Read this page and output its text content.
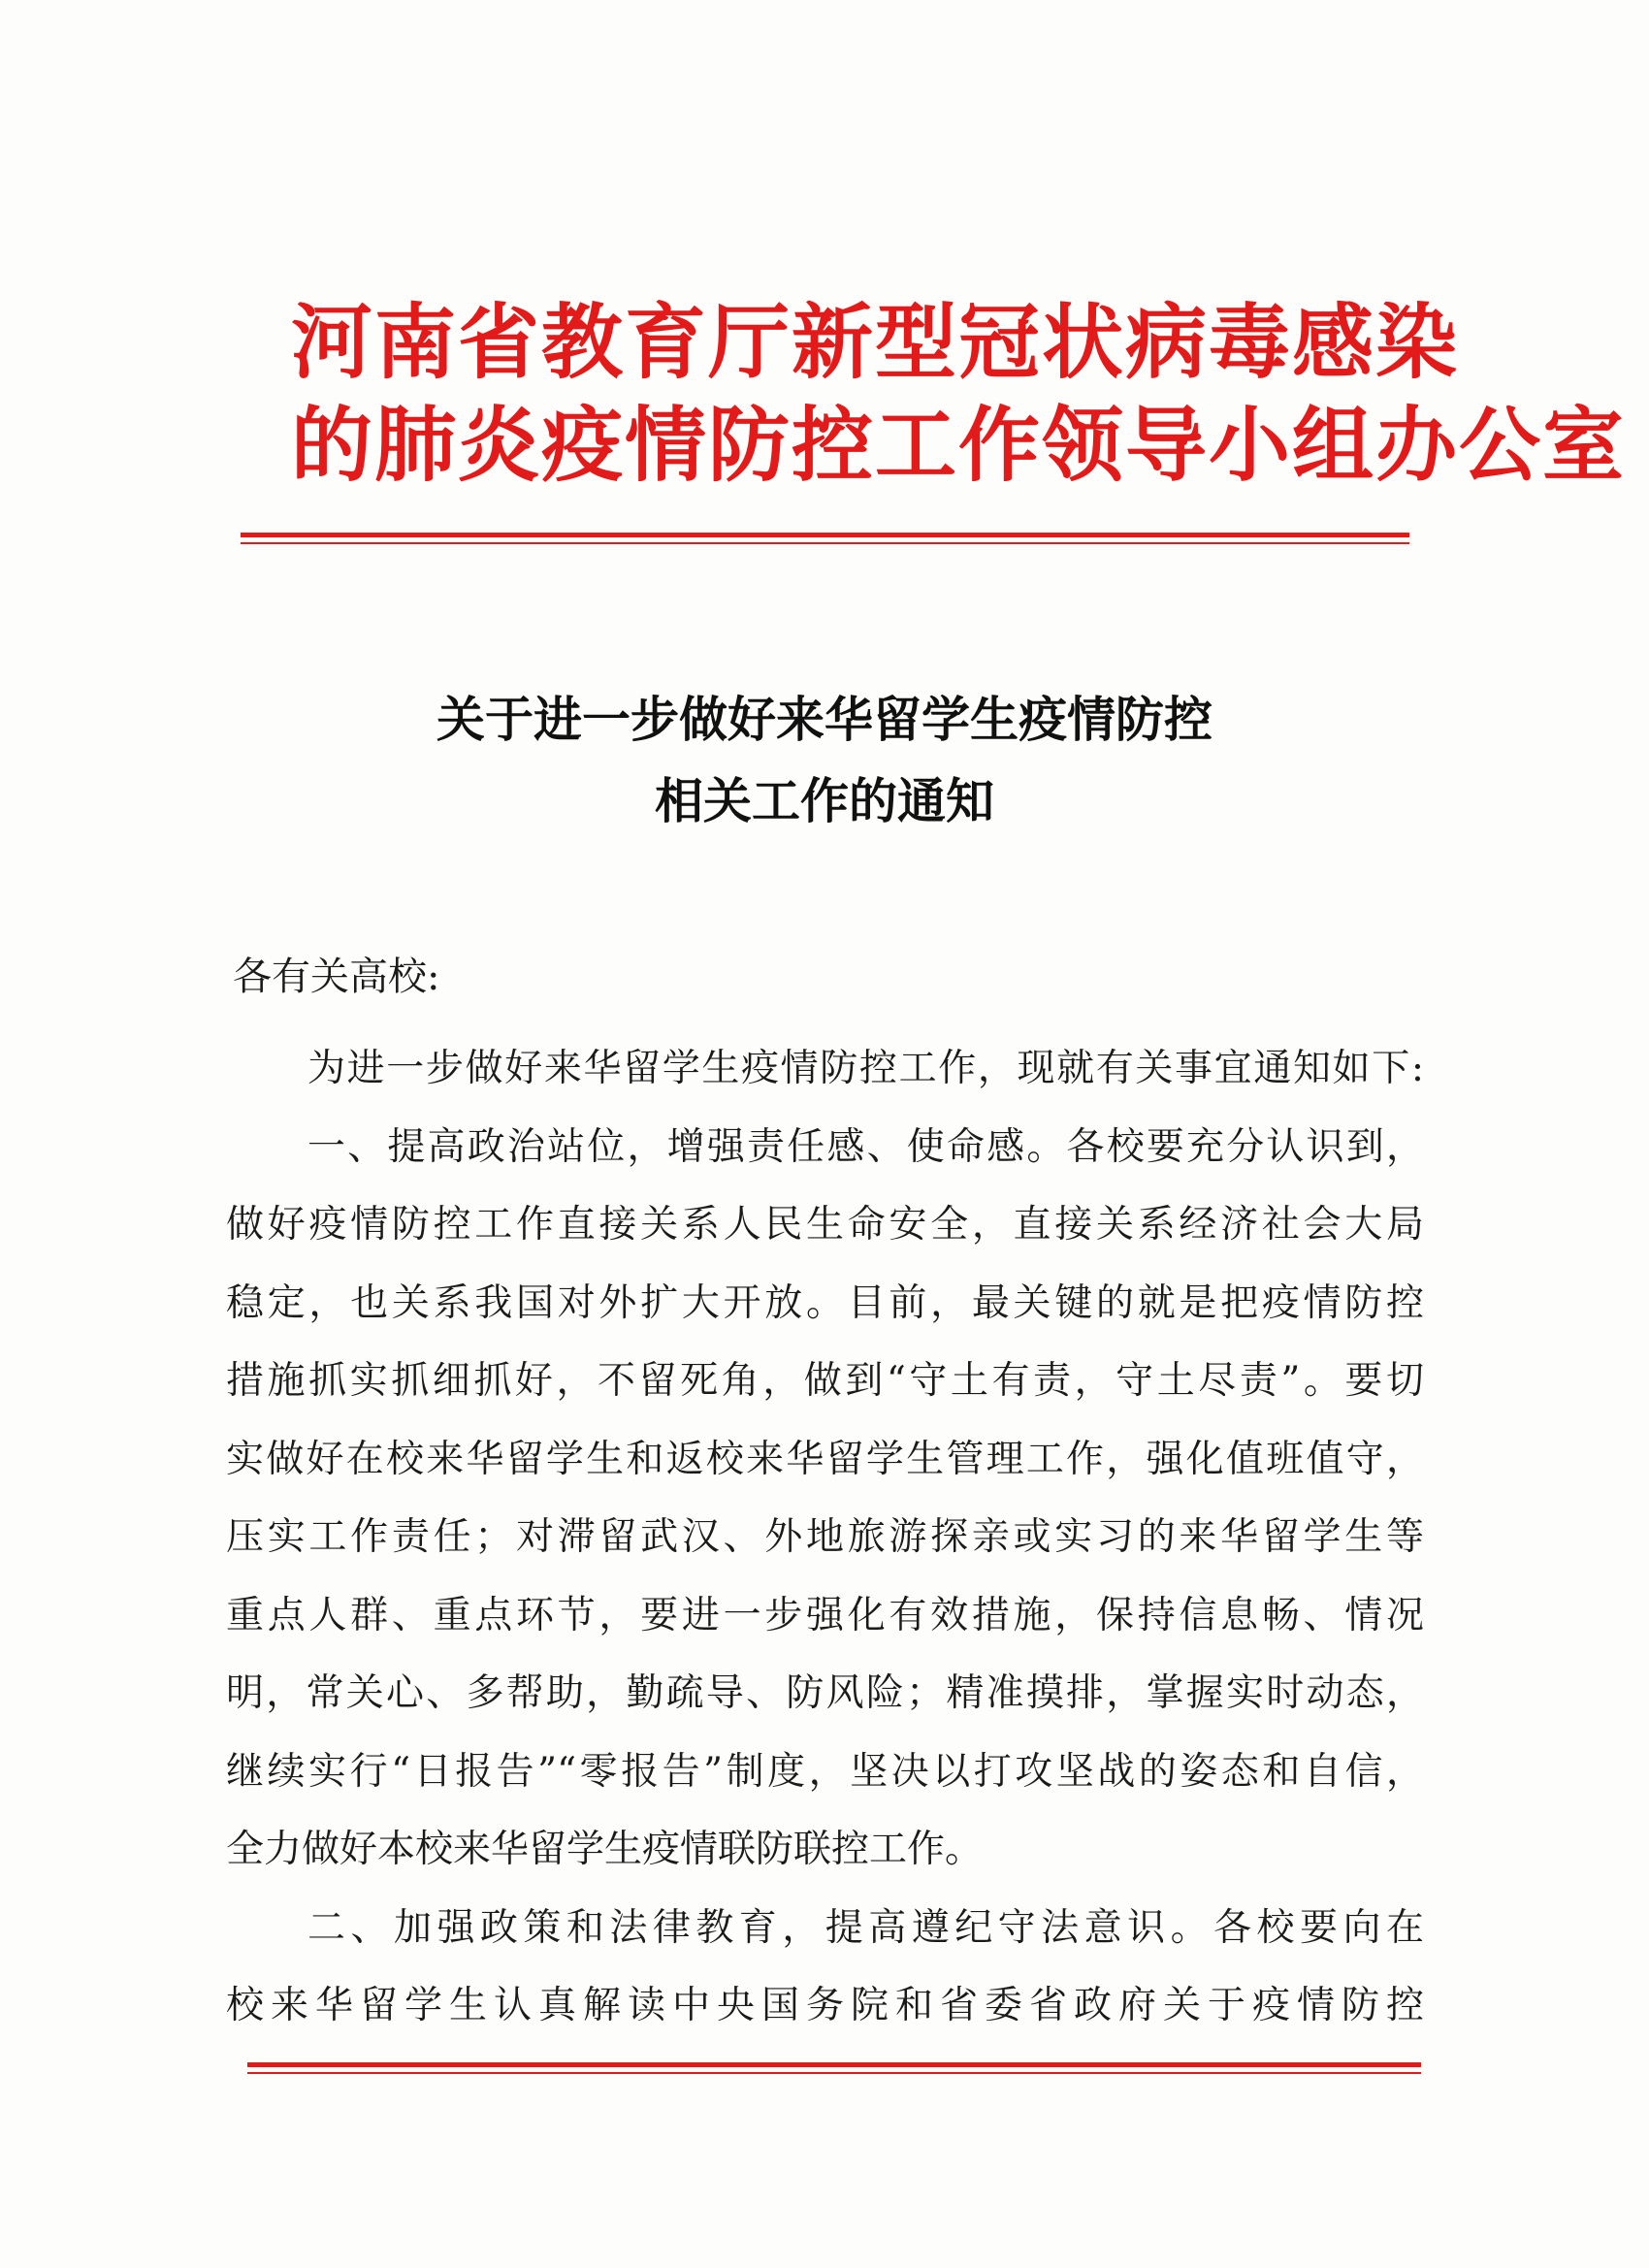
河南省教育厅新型冠状病毒感染
的肺炎疫情防控工作领导小组办公室
关于进一步做好来华留学生疫情防控
相关工作的通知
各有关高校:
为进一步做好来华留学生疫情防控工作，现就有关事宜通知如下:
一、提高政治站位，增强责任感、使命感。各校要充分认识到，
做好疫情防控工作直接关系人民生命安全，直接关系经济社会大局
稳定，也关系我国对外扩大开放。目前，最关键的就是把疫情防控
措施抓实抓细抓好，不留死角，做到“守土有责，守土尽责”。要切
实做好在校来华留学生和返校来华留学生管理工作，强化值班值守，
压实工作责任；对滞留武汉、外地旅游探亲或实习的来华留学生等
重点人群、重点环节，要进一步强化有效措施，保持信息畅、情况
明，常关心、多帮助，勤疏导、防风险；精准摸排，掌握实时动态，
继续实行“日报告”“零报告”制度，坚决以打攻坚战的姿态和自信，
全力做好本校来华留学生疫情联防联控工作。
二、加强政策和法律教育，提高遵纪守法意识。各校要向在
校来华留学生认真解读中央国务院和省委省政府关于疫情防控
